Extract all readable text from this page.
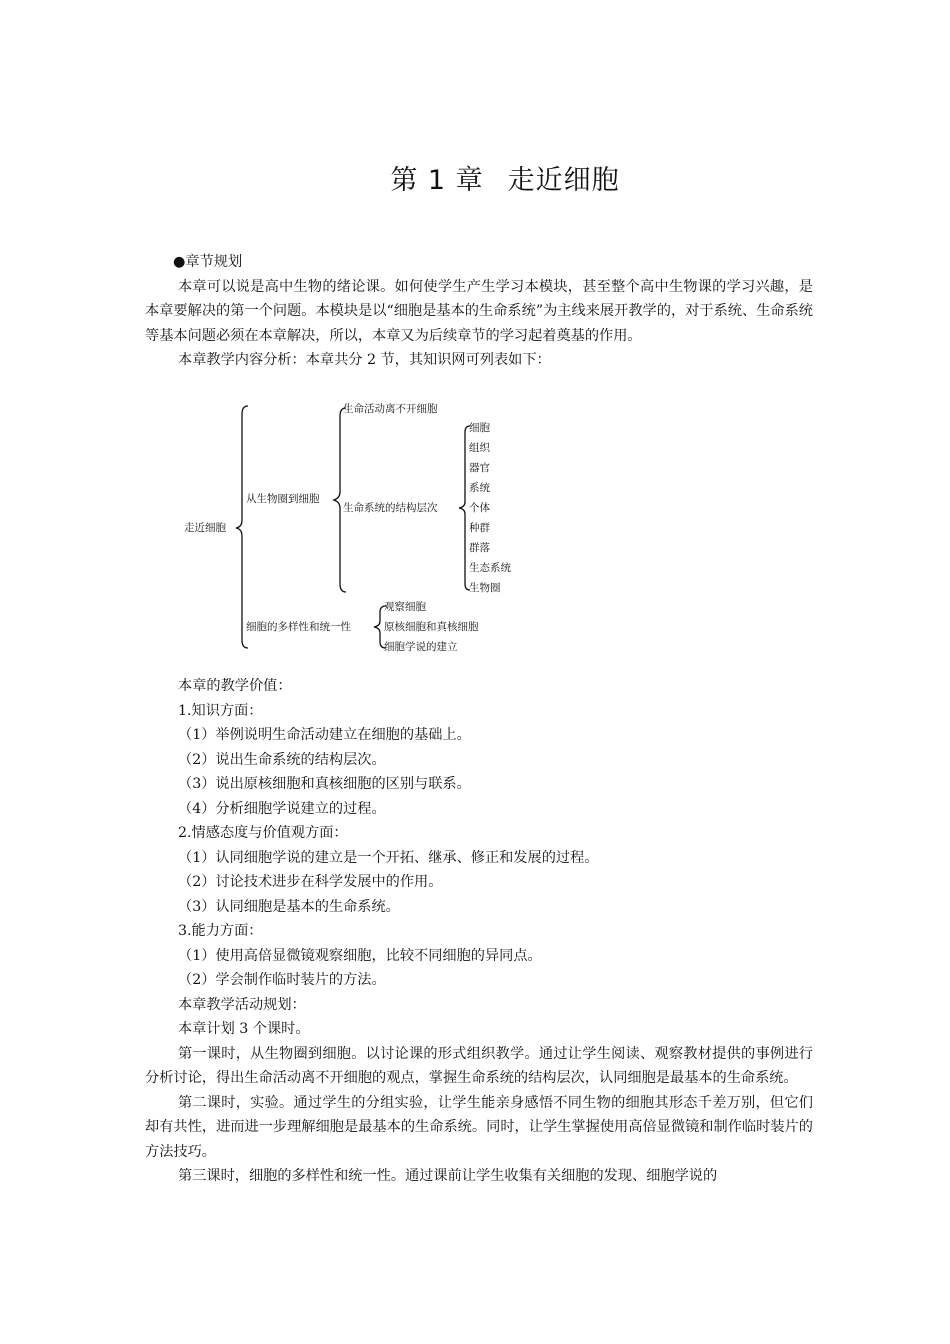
第 1 章 走近细胞

●章节规划

本章可以说是高中生物的绪论课。如何使学生产生学习本模块，甚至整个高中生物课的学习兴趣，是本章要解决的第一个问题。本模块是以“细胞是基本的生命系统”为主线来展开教学的，对于系统、生命系统等基本问题必须在本章解决，所以，本章又为后续章节的学习起着奠基的作用。

本章教学内容分析：本章共分 2 节，其知识网可列表如下：

走近细胞
从生物圈到细胞
生命活动离不开细胞
生命系统的结构层次
细胞
组织
器官
系统
个体
种群
群落
生态系统
生物圈
细胞的多样性和统一性
观察细胞
原核细胞和真核细胞
细胞学说的建立

本章的教学价值：

1.知识方面：

（1）举例说明生命活动建立在细胞的基础上。

（2）说出生命系统的结构层次。

（3）说出原核细胞和真核细胞的区别与联系。

（4）分析细胞学说建立的过程。

2.情感态度与价值观方面：

（1）认同细胞学说的建立是一个开拓、继承、修正和发展的过程。

（2）讨论技术进步在科学发展中的作用。

（3）认同细胞是基本的生命系统。

3.能力方面：

（1）使用高倍显微镜观察细胞，比较不同细胞的异同点。

（2）学会制作临时装片的方法。

本章教学活动规划：

本章计划 3 个课时。

第一课时，从生物圈到细胞。以讨论课的形式组织教学。通过让学生阅读、观察教材提供的事例进行分析讨论，得出生命活动离不开细胞的观点，掌握生命系统的结构层次，认同细胞是最基本的生命系统。

第二课时，实验。通过学生的分组实验，让学生能亲身感悟不同生物的细胞其形态千差万别，但它们却有共性，进而进一步理解细胞是最基本的生命系统。同时，让学生掌握使用高倍显微镜和制作临时装片的方法技巧。

第三课时，细胞的多样性和统一性。通过课前让学生收集有关细胞的发现、细胞学说的
